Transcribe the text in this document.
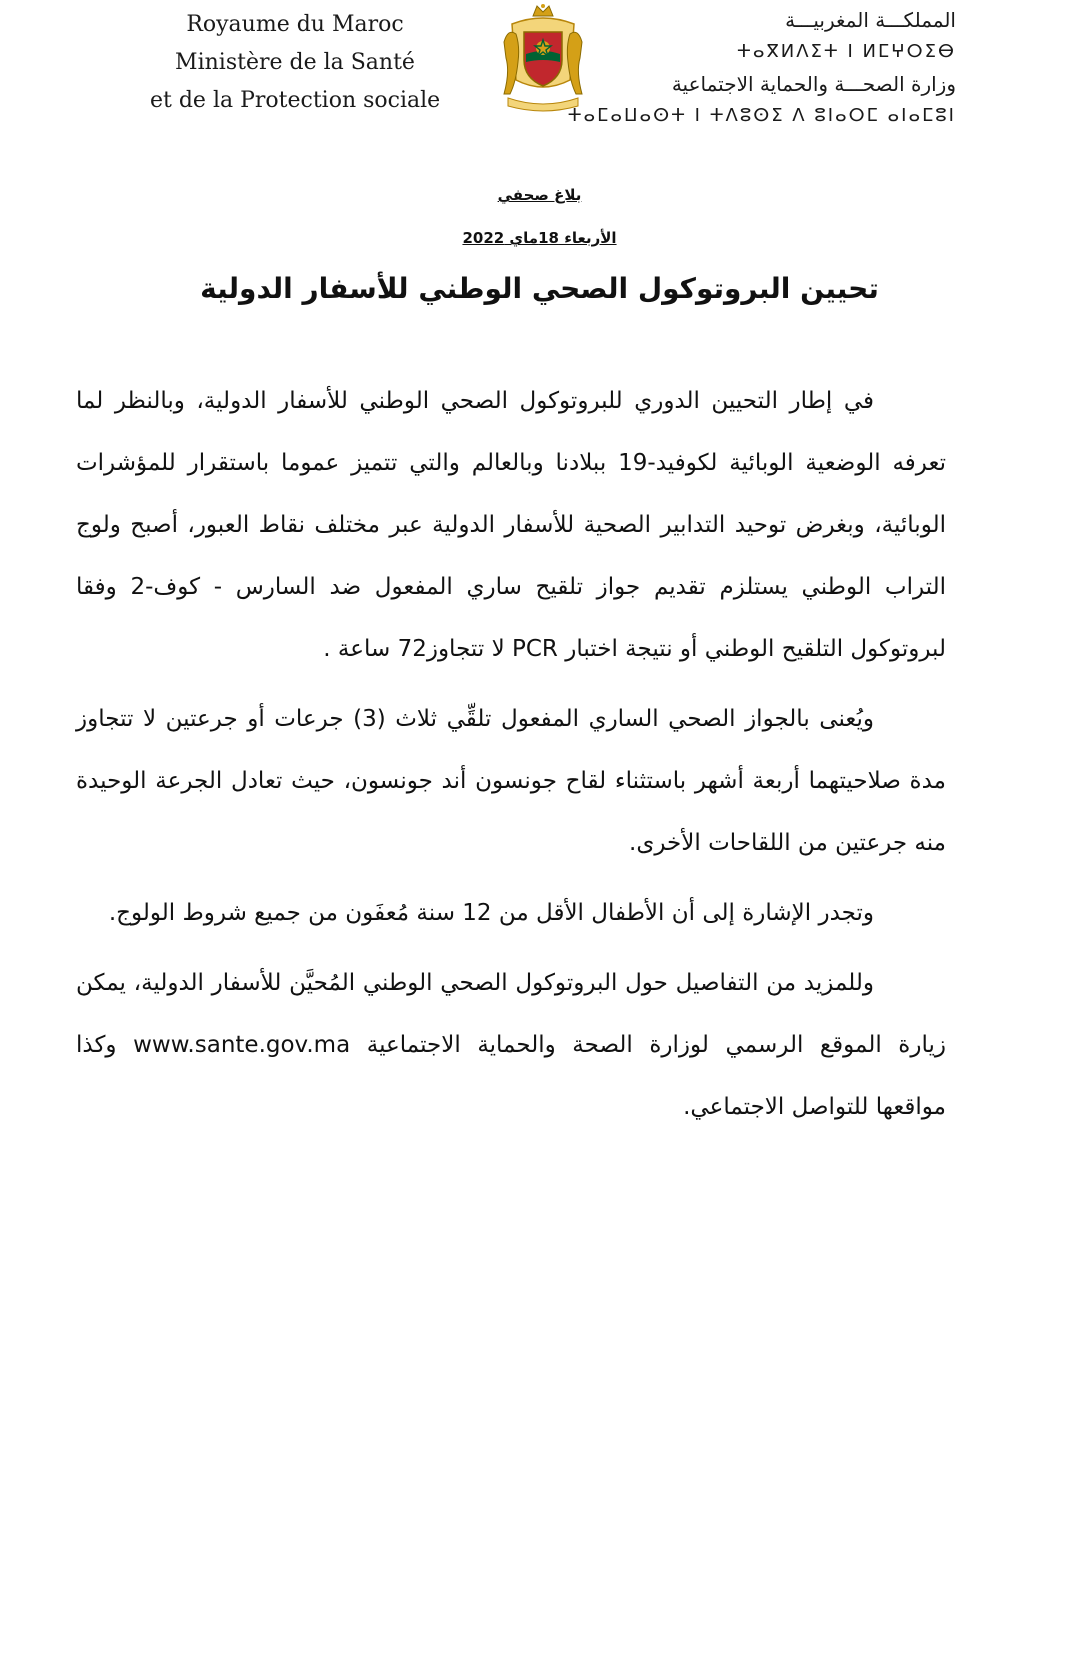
Royaume du Maroc
Ministère de la Santé
et de la Protection sociale
المملكـــة المغربيـــة
ⵜⴰⴳⵍⴷⵉⵜ ⵏ ⵍⵎⵖⵔⵉⴱ
وزارة الصحـــة والحماية الاجتماعية
ⵜⴰⵎⴰⵡⴰⵙⵜ ⵏ ⵜⴷⵓⵙⵉ ⴷ ⵓⵏⴰⵔⵎ ⴰⵏⴰⵎⵓⵏ
بلاغ صحفي
الأربعاء 18ماي 2022
تحيين البروتوكول الصحي الوطني للأسفار الدولية

في إطار التحيين الدوري للبروتوكول الصحي الوطني للأسفار الدولية، وبالنظر لما تعرفه الوضعية الوبائية لكوفيد-19 ببلادنا وبالعالم والتي تتميز عموما باستقرار للمؤشرات الوبائية، وبغرض توحيد التدابير الصحية للأسفار الدولية عبر مختلف نقاط العبور، أصبح ولوج التراب الوطني يستلزم تقديم جواز تلقيح ساري المفعول ضد السارس - كوف-2 وفقا لبروتوكول التلقيح الوطني أو نتيجة اختبار PCR لا تتجاوز72 ساعة .

ويُعنى بالجواز الصحي الساري المفعول تلقِّي ثلاث (3) جرعات أو جرعتين لا تتجاوز مدة صلاحيتهما أربعة أشهر باستثناء لقاح جونسون أند جونسون، حيث تعادل الجرعة الوحيدة منه جرعتين من اللقاحات الأخرى.

وتجدر الإشارة إلى أن الأطفال الأقل من 12 سنة مُعفَون من جميع شروط الولوج.

وللمزيد من التفاصيل حول البروتوكول الصحي الوطني المُحيَّن للأسفار الدولية، يمكن زيارة الموقع الرسمي لوزارة الصحة والحماية الاجتماعية www.sante.gov.ma وكذا مواقعها للتواصل الاجتماعي.
